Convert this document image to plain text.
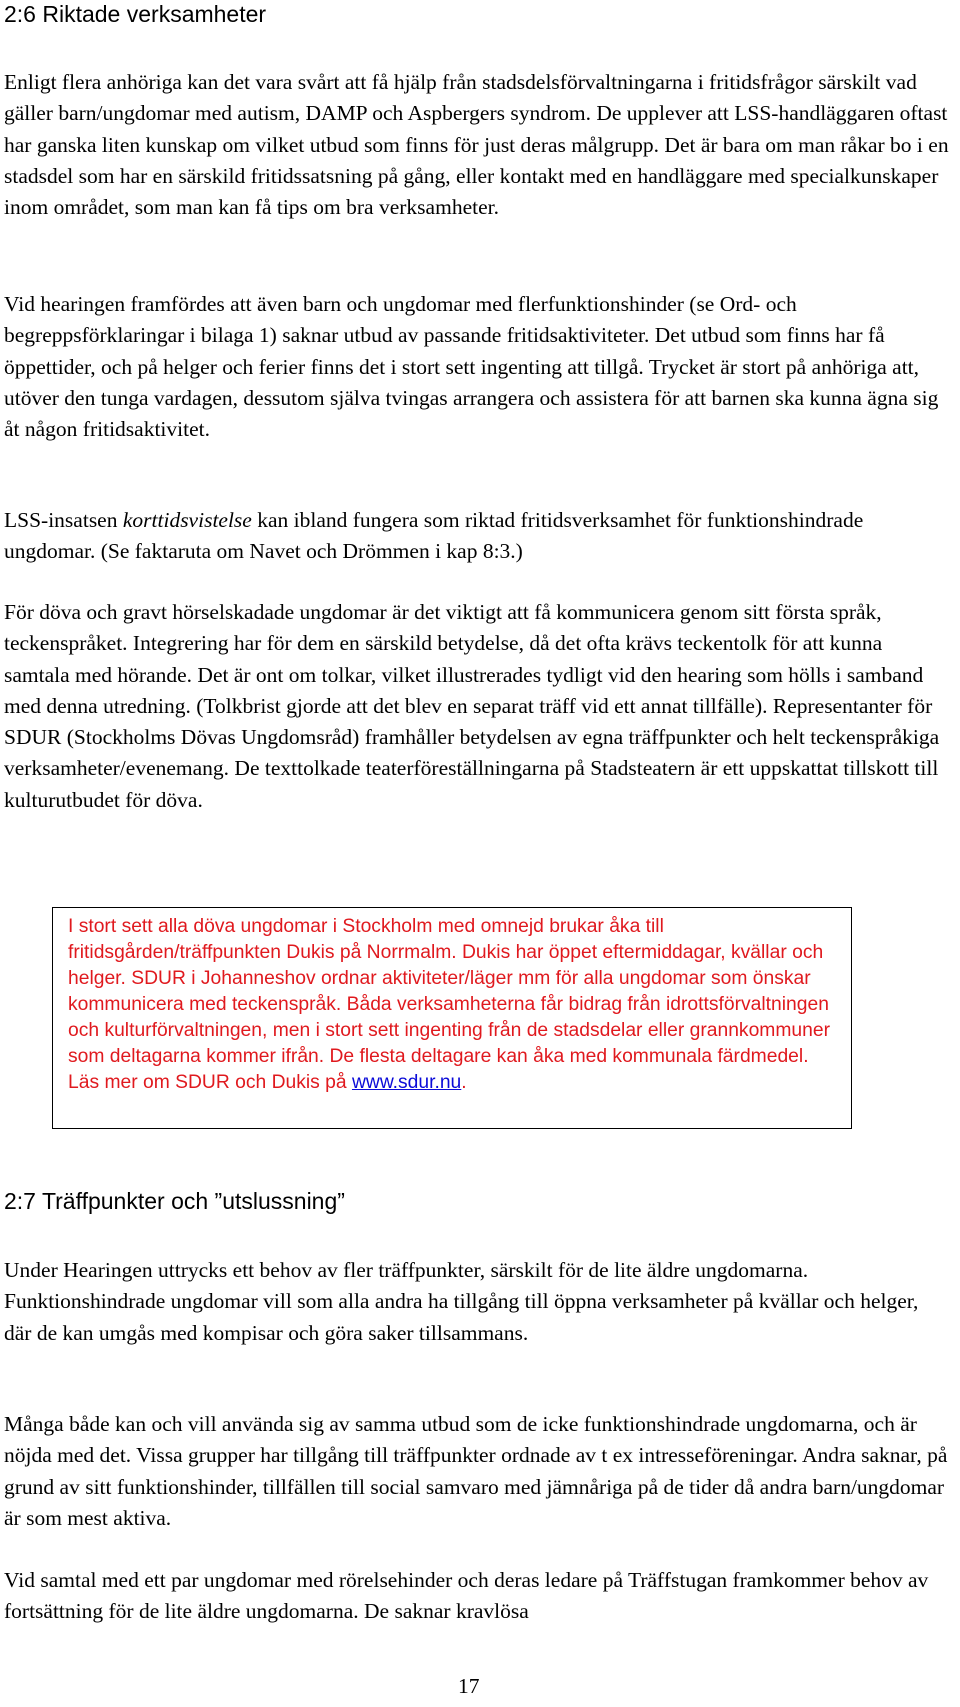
2:6 Riktade verksamheter

Enligt flera anhöriga kan det vara svårt att få hjälp från stadsdelsförvaltningarna i fritidsfrågor särskilt vad gäller barn/ungdomar med autism, DAMP och Aspbergers syndrom. De upplever att LSS-handläggaren oftast har ganska liten kunskap om vilket utbud som finns för just deras målgrupp. Det är bara om man råkar bo i en stadsdel som har en särskild fritidssatsning på gång, eller kontakt med en handläggare med specialkunskaper inom området, som man kan få tips om bra verksamheter.

Vid hearingen framfördes att även barn och ungdomar med flerfunktionshinder (se Ord- och begreppsförklaringar i bilaga 1) saknar utbud av passande fritidsaktiviteter. Det utbud som finns har få öppettider, och på helger och ferier finns det i stort sett ingenting att tillgå. Trycket är stort på anhöriga att, utöver den tunga vardagen, dessutom själva tvingas arrangera och assistera för att barnen ska kunna ägna sig åt någon fritidsaktivitet.

LSS-insatsen korttidsvistelse kan ibland fungera som riktad fritidsverksamhet för funktionshindrade ungdomar. (Se faktaruta om Navet och Drömmen i kap 8:3.)

För döva och gravt hörselskadade ungdomar är det viktigt att få kommunicera genom sitt första språk, teckenspråket. Integrering har för dem en särskild betydelse, då det ofta krävs teckentolk för att kunna samtala med hörande. Det är ont om tolkar, vilket illustrerades tydligt vid den hearing som hölls i samband med denna utredning. (Tolkbrist gjorde att det blev en separat träff vid ett annat tillfälle). Representanter för SDUR (Stockholms Dövas Ungdomsråd) framhåller betydelsen av egna träffpunkter och helt teckenspråkiga verksamheter/evenemang. De texttolkade teaterföreställningarna på Stadsteatern är ett uppskattat tillskott till kulturutbudet för döva.

I stort sett alla döva ungdomar i Stockholm med omnejd brukar åka till fritidsgården/träffpunkten Dukis på Norrmalm. Dukis har öppet eftermiddagar, kvällar och helger. SDUR i Johanneshov ordnar aktiviteter/läger mm för alla ungdomar som önskar kommunicera med teckenspråk. Båda verksamheterna får bidrag från idrottsförvaltningen och kulturförvaltningen, men i stort sett ingenting från de stadsdelar eller grannkommuner som deltagarna kommer ifrån. De flesta deltagare kan åka med kommunala färdmedel. Läs mer om SDUR och Dukis på www.sdur.nu.

2:7 Träffpunkter och ”utslussning”

Under Hearingen uttrycks ett behov av fler träffpunkter, särskilt för de lite äldre ungdomarna. Funktionshindrade ungdomar vill som alla andra ha tillgång till öppna verksamheter på kvällar och helger, där de kan umgås med kompisar och göra saker tillsammans.

Många både kan och vill använda sig av samma utbud som de icke funktionshindrade ungdomarna, och är nöjda med det. Vissa grupper har tillgång till träffpunkter ordnade av t ex intresseföreningar. Andra saknar, på grund av sitt funktionshinder, tillfällen till social samvaro med jämnåriga på de tider då andra barn/ungdomar är som mest aktiva.

Vid samtal med ett par ungdomar med rörelsehinder och deras ledare på Träffstugan framkommer behov av fortsättning för de lite äldre ungdomarna. De saknar kravlösa

17
